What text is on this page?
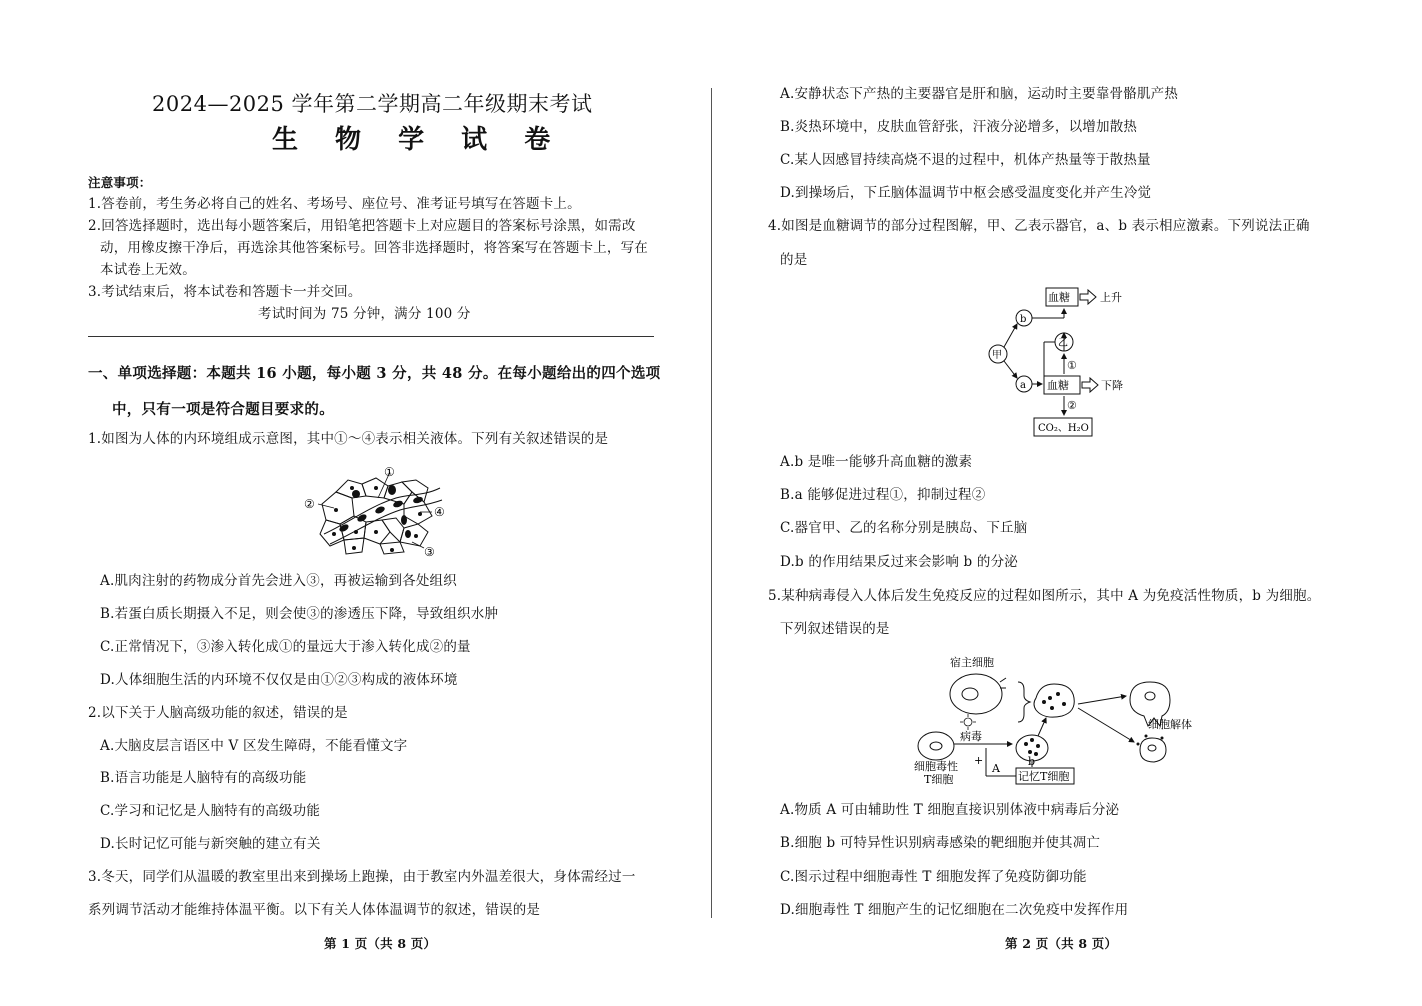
2024—2025 学年第二学期高二年级期末考试
生 物 学 试 卷
注意事项：
1.答卷前，考生务必将自己的姓名、考场号、座位号、准考证号填写在答题卡上。
2.回答选择题时，选出每小题答案后，用铅笔把答题卡上对应题目的答案标号涂黑，如需改
动，用橡皮擦干净后，再选涂其他答案标号。回答非选择题时，将答案写在答题卡上，写在
本试卷上无效。
3.考试结束后，将本试卷和答题卡一并交回。
考试时间为 75 分钟，满分 100 分
一、单项选择题：本题共 16 小题，每小题 3 分，共 48 分。在每小题给出的四个选项
中，只有一项是符合题目要求的。
1.如图为人体的内环境组成示意图，其中①～④表示相关液体。下列有关叙述错误的是
①
②
③
④
A.肌肉注射的药物成分首先会进入③，再被运输到各处组织
B.若蛋白质长期摄入不足，则会使③的渗透压下降，导致组织水肿
C.正常情况下，③渗入转化成①的量远大于渗入转化成②的量
D.人体细胞生活的内环境不仅仅是由①②③构成的液体环境
2.以下关于人脑高级功能的叙述，错误的是
A.大脑皮层言语区中 V 区发生障碍，不能看懂文字
B.语言功能是人脑特有的高级功能
C.学习和记忆是人脑特有的高级功能
D.长时记忆可能与新突触的建立有关
3.冬天，同学们从温暖的教室里出来到操场上跑操，由于教室内外温差很大，身体需经过一
系列调节活动才能维持体温平衡。以下有关人体体温调节的叙述，错误的是
第 1 页（共 8 页）
A.安静状态下产热的主要器官是肝和脑，运动时主要靠骨骼肌产热
B.炎热环境中，皮肤血管舒张，汗液分泌增多，以增加散热
C.某人因感冒持续高烧不退的过程中，机体产热量等于散热量
D.到操场后，下丘脑体温调节中枢会感受温度变化并产生冷觉
4.如图是血糖调节的部分过程图解，甲、乙表示器官，a、b 表示相应激素。下列说法正确
的是
血糖	上升
血糖	下降
甲
b
a
乙
①
②
CO₂、H₂O
A.b 是唯一能够升高血糖的激素
B.a 能够促进过程①，抑制过程②
C.器官甲、乙的名称分别是胰岛、下丘脑
D.b 的作用结果反过来会影响 b 的分泌
5.某种病毒侵入人体后发生免疫反应的过程如图所示，其中 A 为免疫活性物质，b 为细胞。
下列叙述错误的是
宿主细胞
病毒
细胞毒性
T细胞
+
A
b
记忆T细胞
细胞解体
A.物质 A 可由辅助性 T 细胞直接识别体液中病毒后分泌
B.细胞 b 可特异性识别病毒感染的靶细胞并使其凋亡
C.图示过程中细胞毒性 T 细胞发挥了免疫防御功能
D.细胞毒性 T 细胞产生的记忆细胞在二次免疫中发挥作用
第 2 页（共 8 页）
